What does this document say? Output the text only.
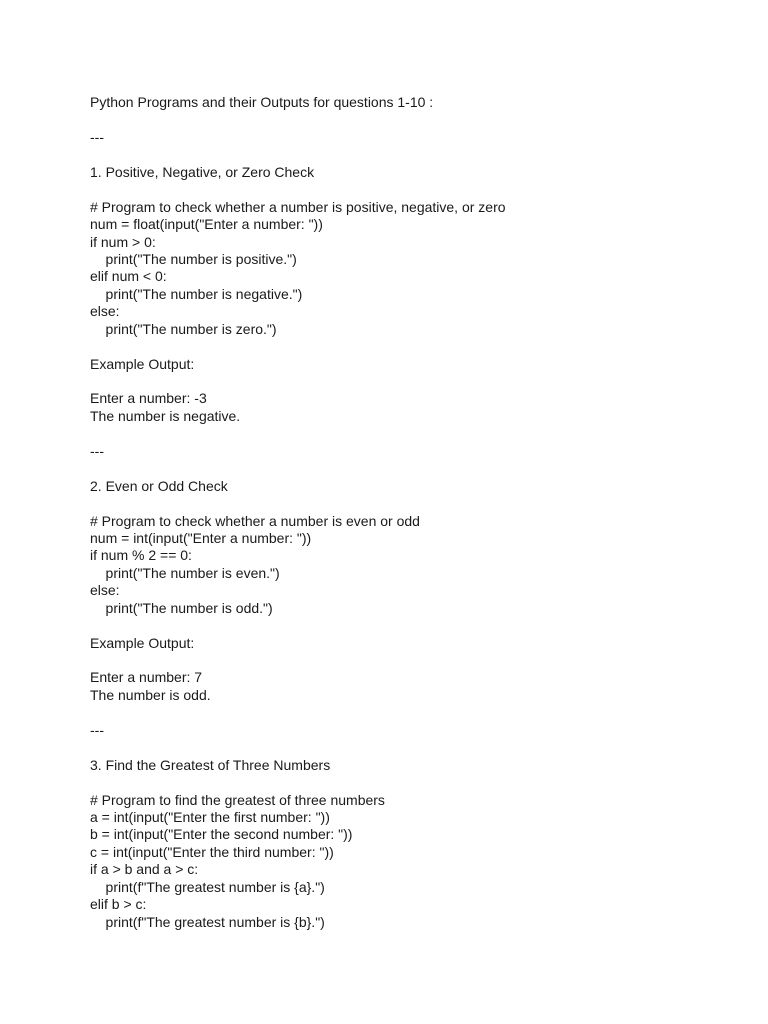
Python Programs and their Outputs for questions 1-10 :
---
1. Positive, Negative, or Zero Check
# Program to check whether a number is positive, negative, or zero
num = float(input("Enter a number: "))
if num > 0:
print("The number is positive.")
elif num < 0:
print("The number is negative.")
else:
print("The number is zero.")
Example Output:
Enter a number: -3
The number is negative.
---
2. Even or Odd Check
# Program to check whether a number is even or odd
num = int(input("Enter a number: "))
if num % 2 == 0:
print("The number is even.")
else:
print("The number is odd.")
Example Output:
Enter a number: 7
The number is odd.
---
3. Find the Greatest of Three Numbers
# Program to find the greatest of three numbers
a = int(input("Enter the first number: "))
b = int(input("Enter the second number: "))
c = int(input("Enter the third number: "))
if a > b and a > c:
print(f"The greatest number is {a}.")
elif b > c:
print(f"The greatest number is {b}.")
